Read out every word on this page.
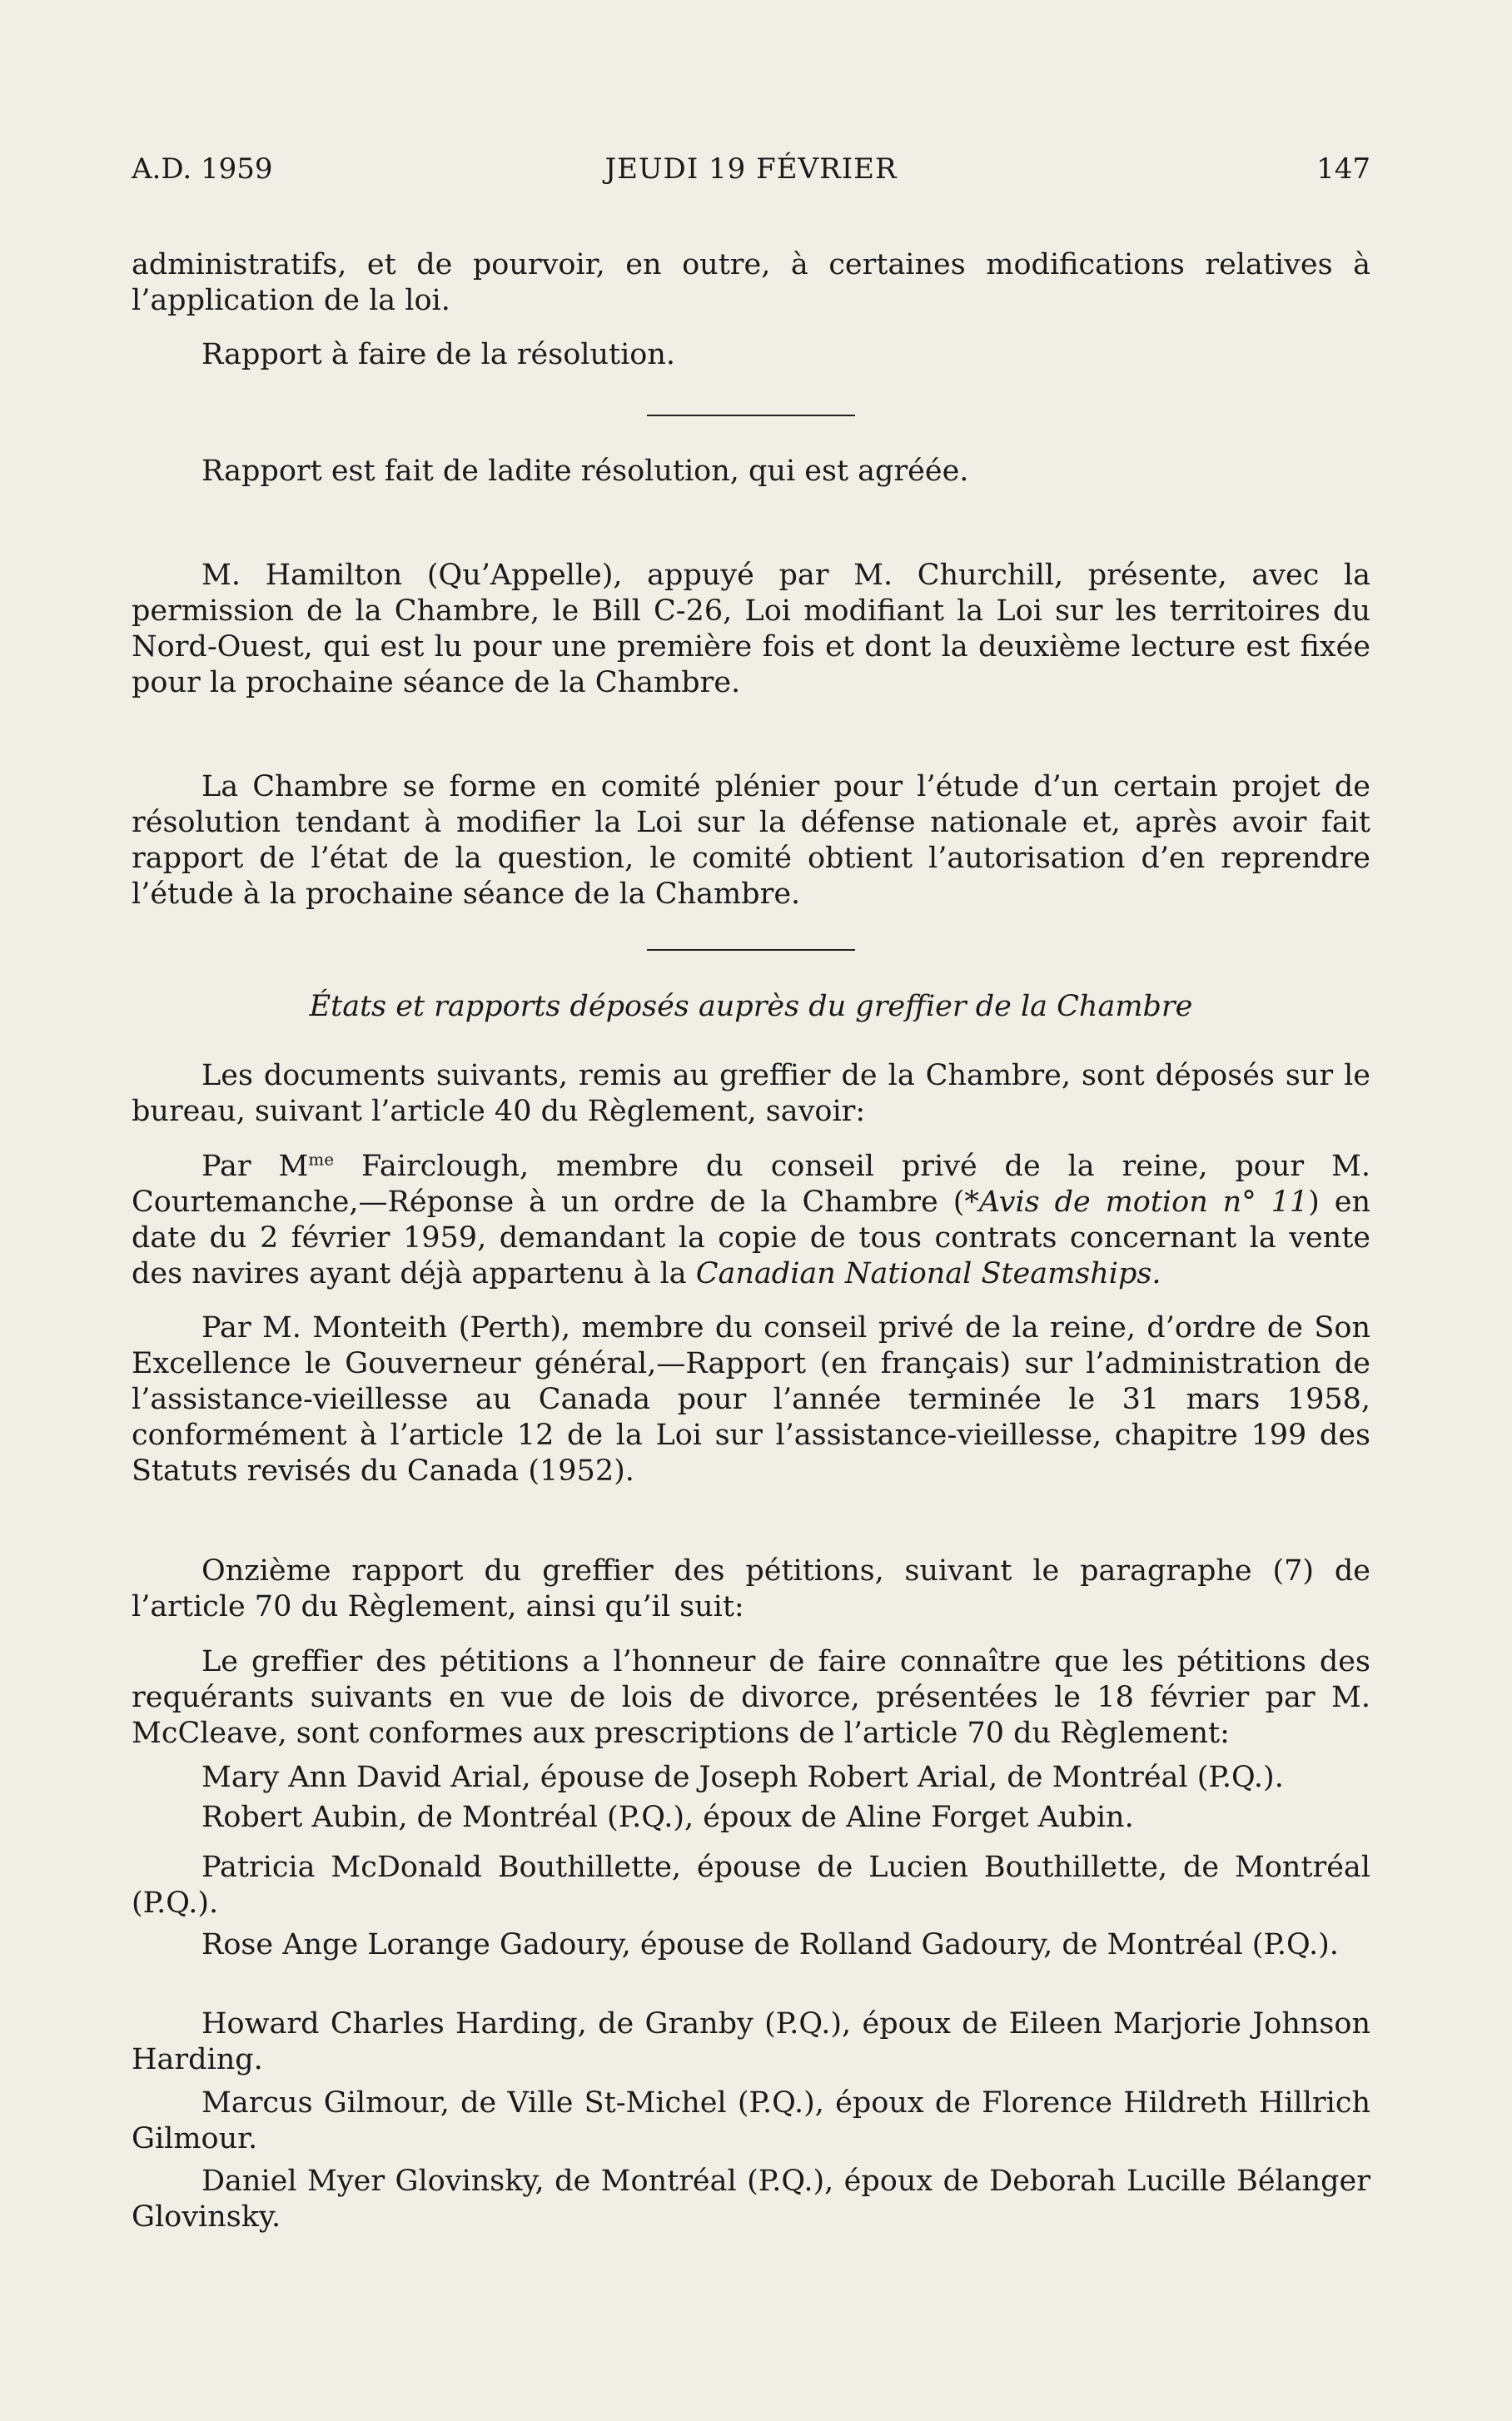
A.D. 1959	JEUDI 19 FÉVRIER	147

administratifs, et de pourvoir, en outre, à certaines modifications relatives à l’application de la loi.

Rapport à faire de la résolution.

Rapport est fait de ladite résolution, qui est agréée.

M. Hamilton (Qu’Appelle), appuyé par M. Churchill, présente, avec la permission de la Chambre, le Bill C-26, Loi modifiant la Loi sur les territoires du Nord-Ouest, qui est lu pour une première fois et dont la deuxième lecture est fixée pour la prochaine séance de la Chambre.

La Chambre se forme en comité plénier pour l’étude d’un certain projet de résolution tendant à modifier la Loi sur la défense nationale et, après avoir fait rapport de l’état de la question, le comité obtient l’autorisation d’en reprendre l’étude à la prochaine séance de la Chambre.

États et rapports déposés auprès du greffier de la Chambre

Les documents suivants, remis au greffier de la Chambre, sont déposés sur le bureau, suivant l’article 40 du Règlement, savoir:

Par $M^{me}$ Fairclough, membre du conseil privé de la reine, pour M. Courtemanche,—Réponse à un ordre de la Chambre (*Avis de motion n° 11) en date du 2 février 1959, demandant la copie de tous contrats concernant la vente des navires ayant déjà appartenu à la Canadian National Steamships.

Par M. Monteith (Perth), membre du conseil privé de la reine, d’ordre de Son Excellence le Gouverneur général,—Rapport (en français) sur l’administration de l’assistance-vieillesse au Canada pour l’année terminée le 31 mars 1958, conformément à l’article 12 de la Loi sur l’assistance-vieillesse, chapitre 199 des Statuts revisés du Canada (1952).

Onzième rapport du greffier des pétitions, suivant le paragraphe (7) de l’article 70 du Règlement, ainsi qu’il suit:

Le greffier des pétitions a l’honneur de faire connaître que les pétitions des requérants suivants en vue de lois de divorce, présentées le 18 février par M. McCleave, sont conformes aux prescriptions de l’article 70 du Règlement:

Mary Ann David Arial, épouse de Joseph Robert Arial, de Montréal (P.Q.).

Robert Aubin, de Montréal (P.Q.), époux de Aline Forget Aubin.

Patricia McDonald Bouthillette, épouse de Lucien Bouthillette, de Montréal (P.Q.).

Rose Ange Lorange Gadoury, épouse de Rolland Gadoury, de Montréal (P.Q.).

Howard Charles Harding, de Granby (P.Q.), époux de Eileen Marjorie Johnson Harding.

Marcus Gilmour, de Ville St-Michel (P.Q.), époux de Florence Hildreth Hillrich Gilmour.

Daniel Myer Glovinsky, de Montréal (P.Q.), époux de Deborah Lucille Bélanger Glovinsky.
